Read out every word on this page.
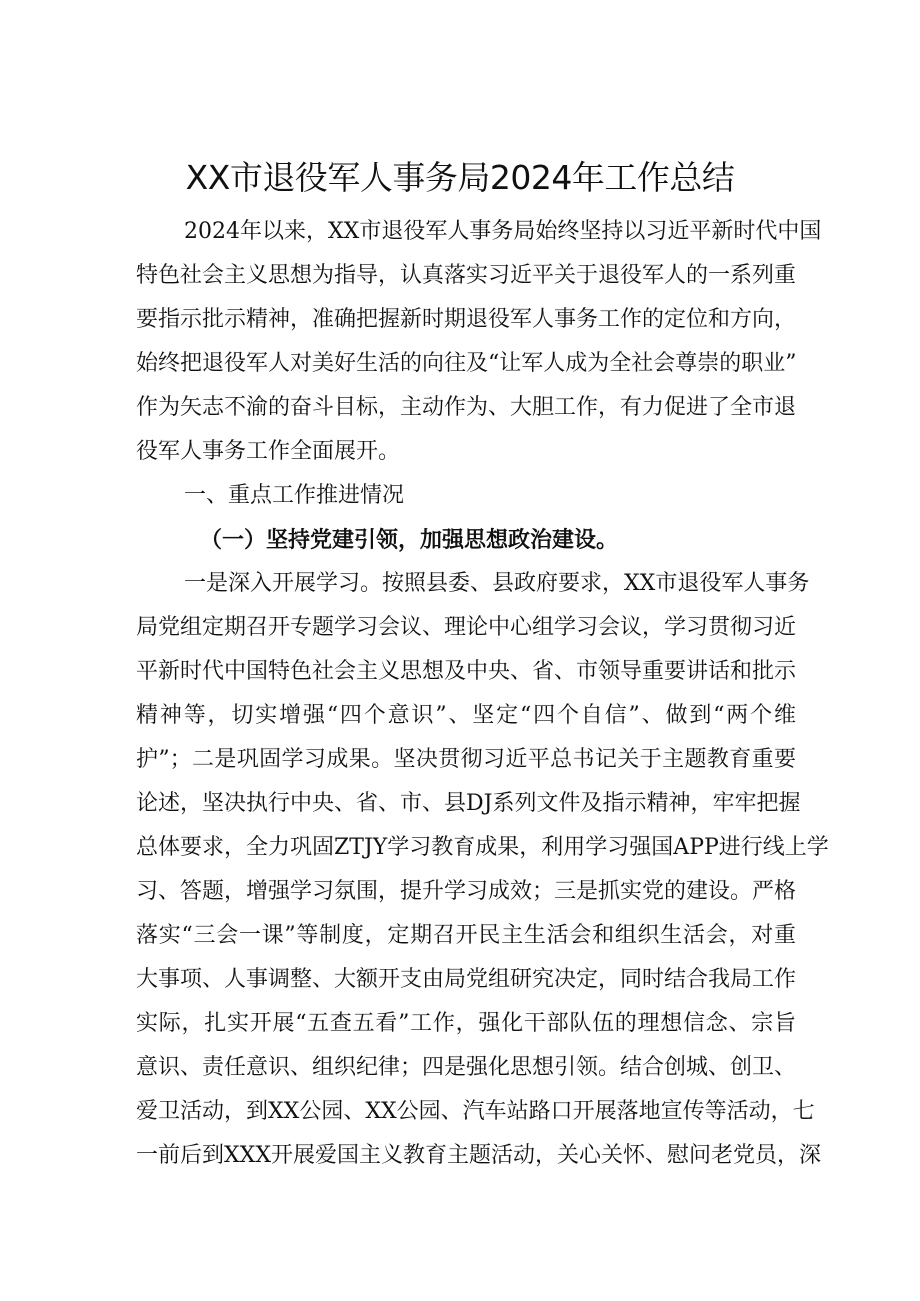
XX市退役军人事务局2024年工作总结
2024年以来，XX市退役军人事务局始终坚持以习近平新时代中国
特色社会主义思想为指导，认真落实习近平关于退役军人的一系列重
要指示批示精神，准确把握新时期退役军人事务工作的定位和方向，
始终把退役军人对美好生活的向往及“让军人成为全社会尊崇的职业”
作为矢志不渝的奋斗目标，主动作为、大胆工作，有力促进了全市退
役军人事务工作全面展开。
一、重点工作推进情况
（一）坚持党建引领，加强思想政治建设。
一是深入开展学习。按照县委、县政府要求，XX市退役军人事务
局党组定期召开专题学习会议、理论中心组学习会议，学习贯彻习近
平新时代中国特色社会主义思想及中央、省、市领导重要讲话和批示
精神等，切实增强“四个意识”、坚定“四个自信”、做到“两个维
护”；二是巩固学习成果。坚决贯彻习近平总书记关于主题教育重要
论述，坚决执行中央、省、市、县DJ系列文件及指示精神，牢牢把握
总体要求，全力巩固ZTJY学习教育成果，利用学习强国APP进行线上学
习、答题，增强学习氛围，提升学习成效；三是抓实党的建设。严格
落实“三会一课”等制度，定期召开民主生活会和组织生活会，对重
大事项、人事调整、大额开支由局党组研究决定，同时结合我局工作
实际，扎实开展“五查五看”工作，强化干部队伍的理想信念、宗旨
意识、责任意识、组织纪律；四是强化思想引领。结合创城、创卫、
爱卫活动，到XX公园、XX公园、汽车站路口开展落地宣传等活动，七
一前后到XXX开展爱国主义教育主题活动，关心关怀、慰问老党员，深
